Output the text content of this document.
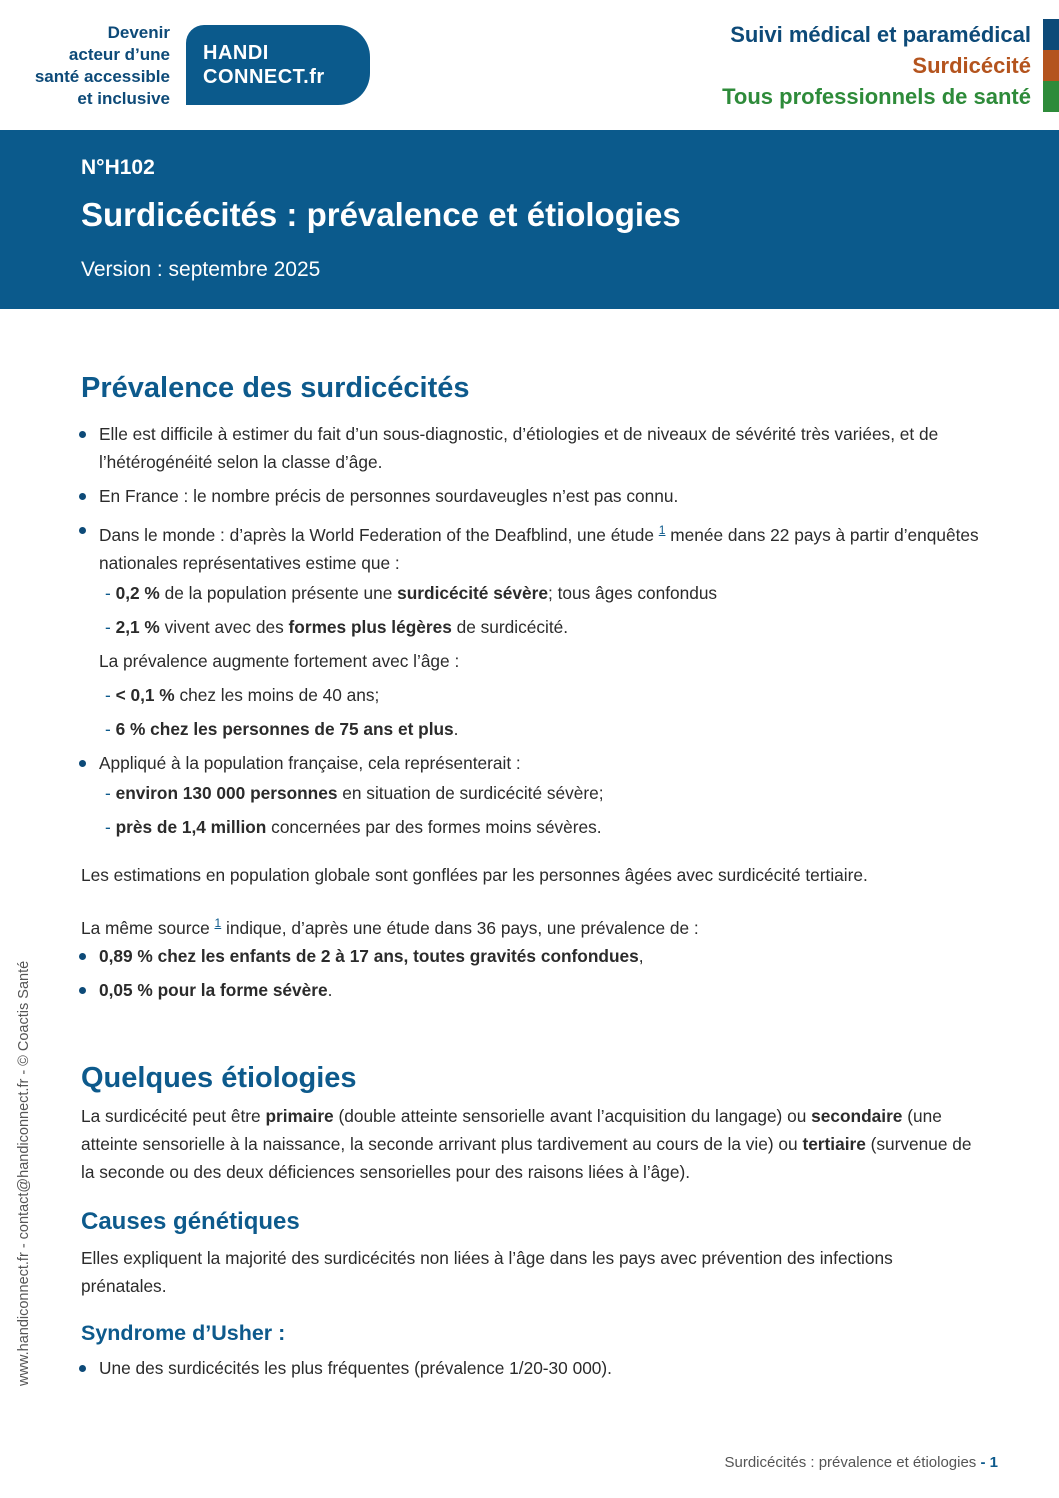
Devenir
acteur d’une
santé accessible
et inclusive
HANDI
CONNECT.fr
Suivi médical et paramédical
Surdicécité
Tous professionnels de santé
N°H102
Surdicécités : prévalence et étiologies
Version : septembre 2025
www.handiconnect.fr - contact@handiconnect.fr - © Coactis Santé
Prévalence des surdicécités
Elle est difficile à estimer du fait d’un sous-diagnostic, d’étiologies et de niveaux de sévérité très variées, et de l’hétérogénéité selon la classe d’âge.
En France : le nombre précis de personnes sourdaveugles n’est pas connu.
Dans le monde : d’après la World Federation of the Deafblind, une étude $^1$ menée dans 22 pays à partir d’enquêtes nationales représentatives estime que :
- 0,2 % de la population présente une surdicécité sévère; tous âges confondus
- 2,1 % vivent avec des formes plus légères de surdicécité.
La prévalence augmente fortement avec l’âge :
- < 0,1 % chez les moins de 40 ans;
- 6 % chez les personnes de 75 ans et plus.
Appliqué à la population française, cela représenterait :
- environ 130 000 personnes en situation de surdicécité sévère;
- près de 1,4 million concernées par des formes moins sévères.

Les estimations en population globale sont gonflées par les personnes âgées avec surdicécité tertiaire.

La même source $^1$ indique, d’après une étude dans 36 pays, une prévalence de :

0,89 % chez les enfants de 2 à 17 ans, toutes gravités confondues,
0,05 % pour la forme sévère.
Quelques étiologies

La surdicécité peut être primaire (double atteinte sensorielle avant l’acquisition du langage) ou secondaire (une atteinte sensorielle à la naissance, la seconde arrivant plus tardivement au cours de la vie) ou tertiaire (survenue de la seconde ou des deux déficiences sensorielles pour des raisons liées à l’âge).

Causes génétiques

Elles expliquent la majorité des surdicécités non liées à l’âge dans les pays avec prévention des infections prénatales.

Syndrome d’Usher :
Une des surdicécités les plus fréquentes (prévalence 1/20-30 000).
Surdicécités : prévalence et étiologies - 1
